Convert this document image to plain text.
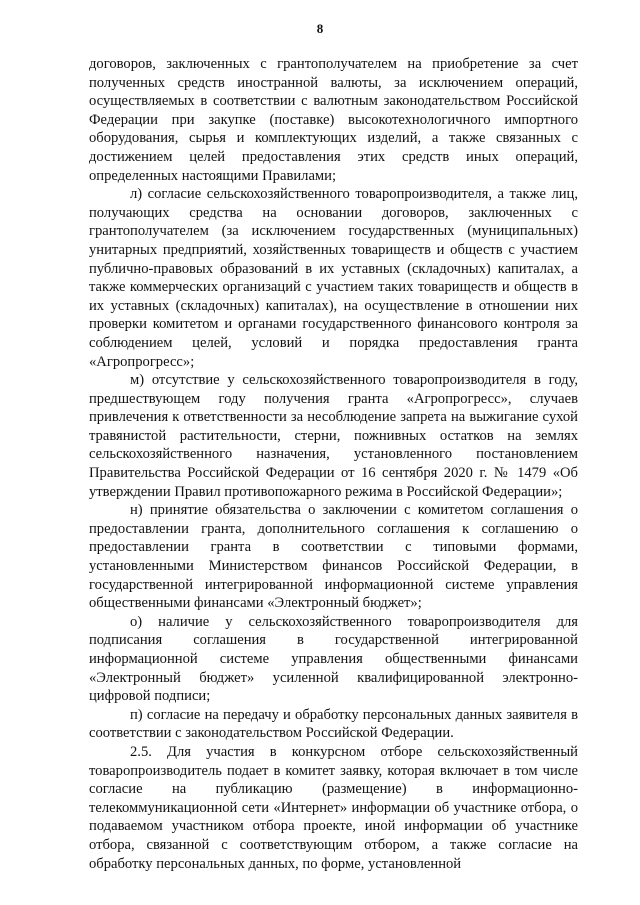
8

договоров, заключенных с грантополучателем на приобретение за счет полученных средств иностранной валюты, за исключением операций, осуществляемых в соответствии с валютным законодательством Российской Федерации при закупке (поставке) высокотехнологичного импортного оборудования, сырья и комплектующих изделий, а также связанных с достижением целей предоставления этих средств иных операций, определенных настоящими Правилами;

л) согласие сельскохозяйственного товаропроизводителя, а также лиц, получающих средства на основании договоров, заключенных с грантополучателем (за исключением государственных (муниципальных) унитарных предприятий, хозяйственных товариществ и обществ с участием публично-правовых образований в их уставных (складочных) капиталах, а также коммерческих организаций с участием таких товариществ и обществ в их уставных (складочных) капиталах), на осуществление в отношении них проверки комитетом и органами государственного финансового контроля за соблюдением целей, условий и порядка предоставления гранта «Агропрогресс»;

м) отсутствие у сельскохозяйственного товаропроизводителя в году, предшествующем году получения гранта «Агропрогресс», случаев привлечения к ответственности за несоблюдение запрета на выжигание сухой травянистой растительности, стерни, пожнивных остатков на землях сельскохозяйственного назначения, установленного постановлением Правительства Российской Федерации от 16 сентября 2020 г. № 1479 «Об утверждении Правил противопожарного режима в Российской Федерации»;

н) принятие обязательства о заключении с комитетом соглашения о предоставлении гранта, дополнительного соглашения к соглашению о предоставлении гранта в соответствии с типовыми формами, установленными Министерством финансов Российской Федерации, в государственной интегрированной информационной системе управления общественными финансами «Электронный бюджет»;

о) наличие у сельскохозяйственного товаропроизводителя для подписания соглашения в государственной интегрированной информационной системе управления общественными финансами «Электронный бюджет» усиленной квалифицированной электронно-цифровой подписи;

п) согласие на передачу и обработку персональных данных заявителя в соответствии с законодательством Российской Федерации.

2.5. Для участия в конкурсном отборе сельскохозяйственный товаропроизводитель подает в комитет заявку, которая включает в том числе согласие на публикацию (размещение) в информационно-телекоммуникационной сети «Интернет» информации об участнике отбора, о подаваемом участником отбора проекте, иной информации об участнике отбора, связанной с соответствующим отбором, а также согласие на обработку персональных данных, по форме, установленной
